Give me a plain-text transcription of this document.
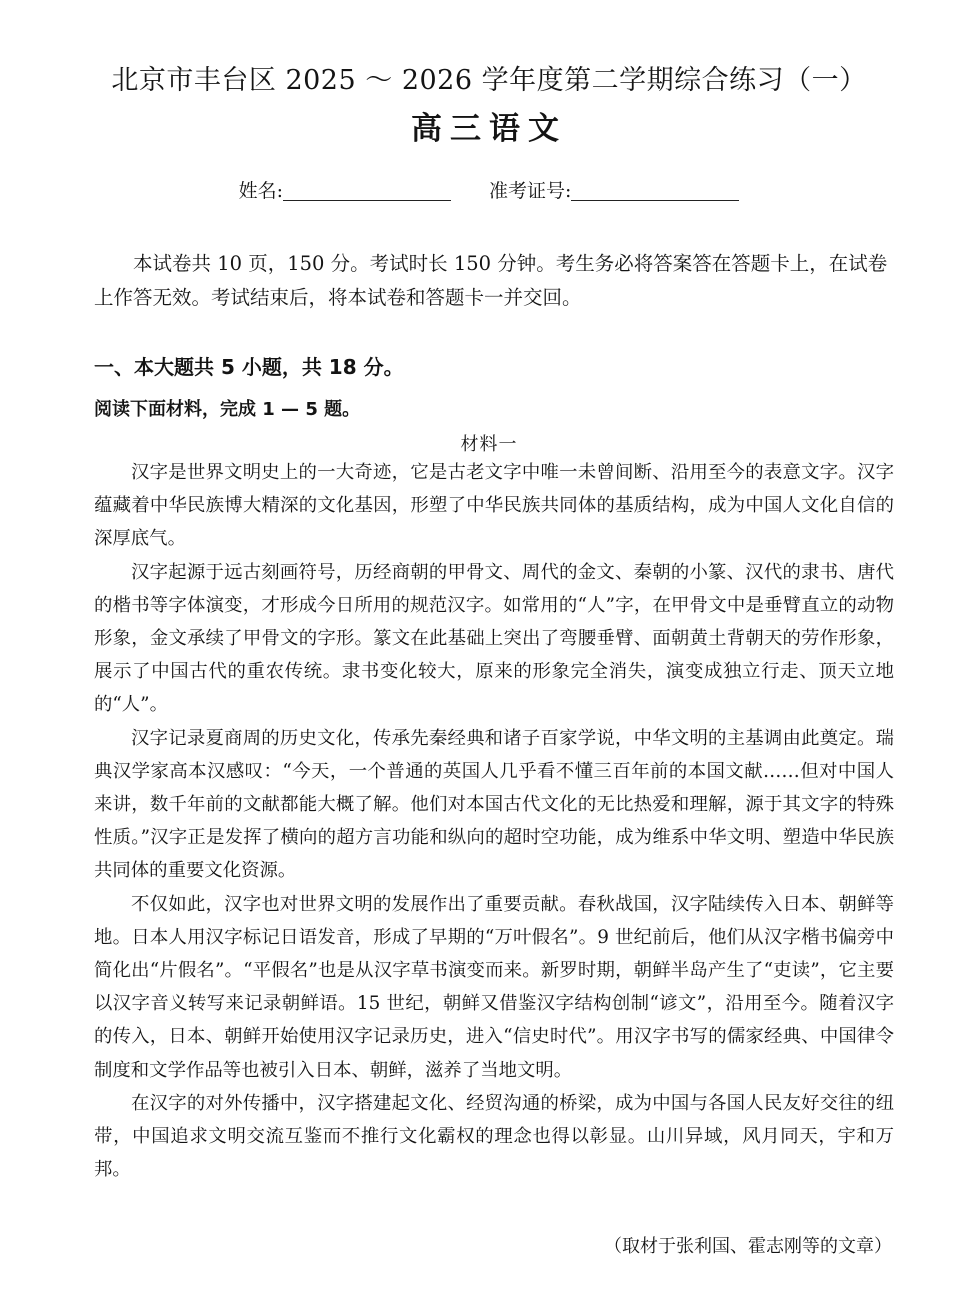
北京市丰台区 2025 ～ 2026 学年度第二学期综合练习（一）
高三语文
姓名:	准考证号:
本试卷共 10 页，150 分。考试时长 150 分钟。考生务必将答案答在答题卡上，在试卷上作答无效。考试结束后，将本试卷和答题卡一并交回。
一、本大题共 5 小题，共 18 分。
阅读下面材料，完成 1 — 5 题。
材料一

汉字是世界文明史上的一大奇迹，它是古老文字中唯一未曾间断、沿用至今的表意文字。汉字蕴藏着中华民族博大精深的文化基因，形塑了中华民族共同体的基质结构，成为中国人文化自信的深厚底气。

汉字起源于远古刻画符号，历经商朝的甲骨文、周代的金文、秦朝的小篆、汉代的隶书、唐代的楷书等字体演变，才形成今日所用的规范汉字。如常用的“人”字，在甲骨文中是垂臂直立的动物形象，金文承续了甲骨文的字形。篆文在此基础上突出了弯腰垂臂、面朝黄土背朝天的劳作形象，展示了中国古代的重农传统。隶书变化较大，原来的形象完全消失，演变成独立行走、顶天立地的“人”。

汉字记录夏商周的历史文化，传承先秦经典和诸子百家学说，中华文明的主基调由此奠定。瑞典汉学家高本汉感叹：“今天，一个普通的英国人几乎看不懂三百年前的本国文献……但对中国人来讲，数千年前的文献都能大概了解。他们对本国古代文化的无比热爱和理解，源于其文字的特殊性质。”汉字正是发挥了横向的超方言功能和纵向的超时空功能，成为维系中华文明、塑造中华民族共同体的重要文化资源。

不仅如此，汉字也对世界文明的发展作出了重要贡献。春秋战国，汉字陆续传入日本、朝鲜等地。日本人用汉字标记日语发音，形成了早期的“万叶假名”。9 世纪前后，他们从汉字楷书偏旁中简化出“片假名”。“平假名”也是从汉字草书演变而来。新罗时期，朝鲜半岛产生了“吏读”，它主要以汉字音义转写来记录朝鲜语。15 世纪，朝鲜又借鉴汉字结构创制“谚文”，沿用至今。随着汉字的传入，日本、朝鲜开始使用汉字记录历史，进入“信史时代”。用汉字书写的儒家经典、中国律令制度和文学作品等也被引入日本、朝鲜，滋养了当地文明。

在汉字的对外传播中，汉字搭建起文化、经贸沟通的桥梁，成为中国与各国人民友好交往的纽带，中国追求文明交流互鉴而不推行文化霸权的理念也得以彰显。山川异域，风月同天，宇和万邦。

（取材于张利国、霍志刚等的文章）
